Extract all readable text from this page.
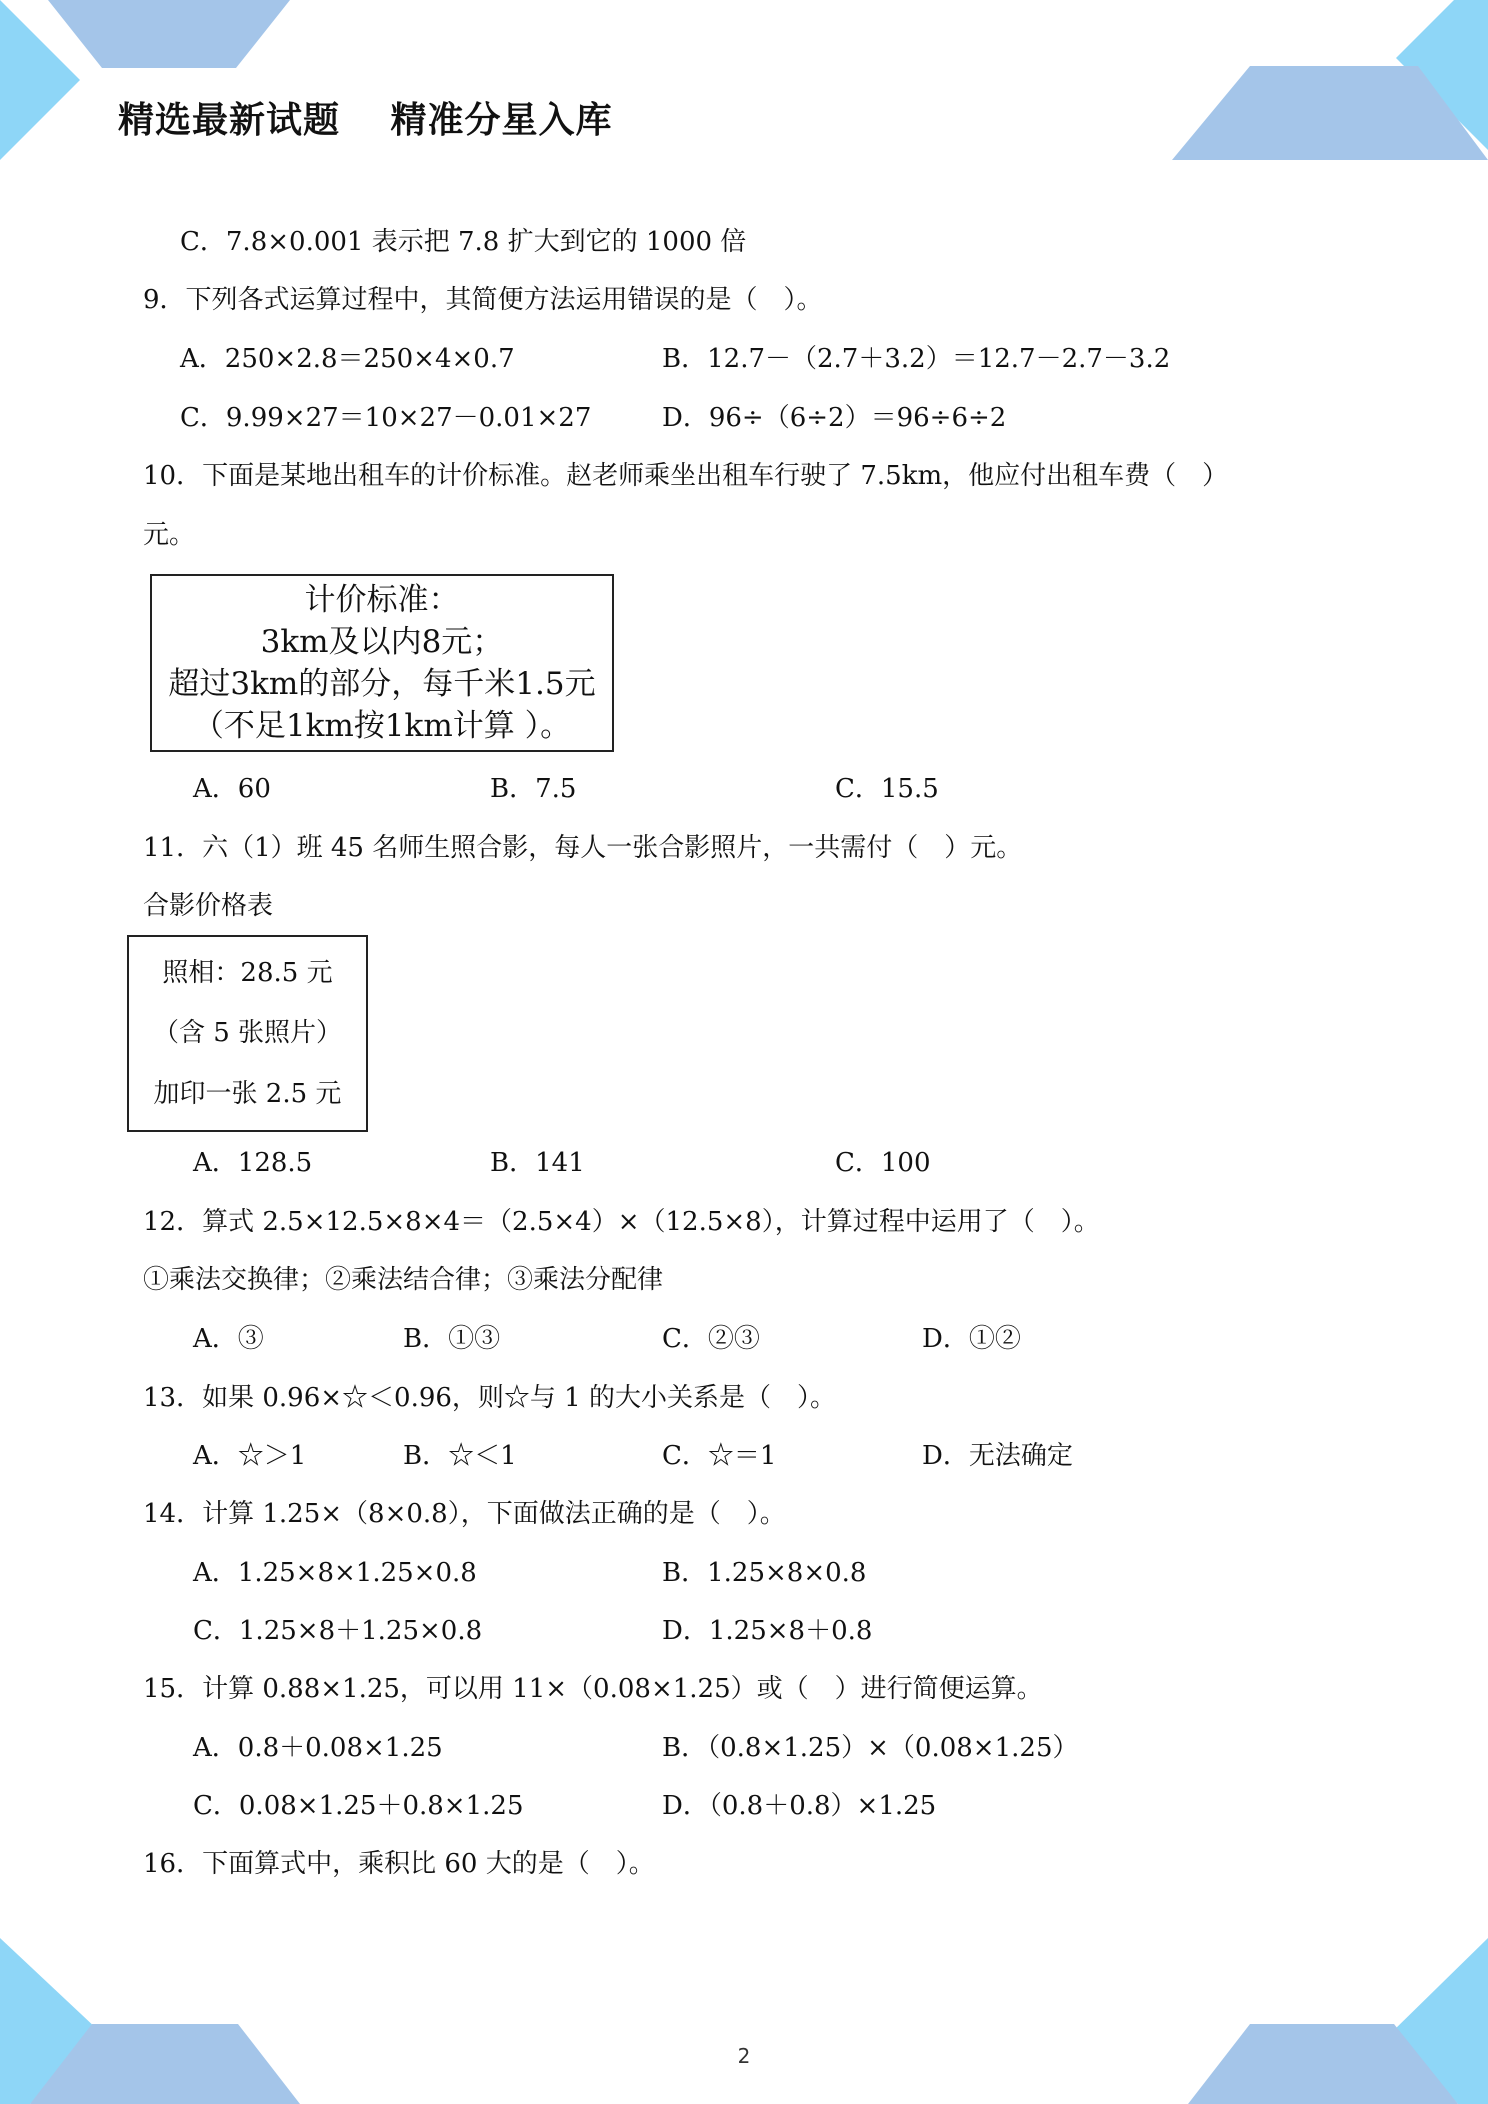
精选最新试题　 精准分星入库
C．7.8×0.001 表示把 7.8 扩大到它的 1000 倍
9．下列各式运算过程中，其简便方法运用错误的是（　）。
A．250×2.8＝250×4×0.7	B．12.7－（2.7＋3.2）＝12.7－2.7－3.2
C．9.99×27＝10×27－0.01×27	D．96÷（6÷2）＝96÷6÷2
10．下面是某地出租车的计价标准。赵老师乘坐出租车行驶了 7.5km，他应付出租车费（　）
元。
计价标准：
3km及以内8元；
超过3km的部分，每千米1.5元
（不足1km按1km计算 ）。
A．60	B．7.5	C．15.5
11．六（1）班 45 名师生照合影，每人一张合影照片，一共需付（　）元。
合影价格表
照相：28.5 元
（含 5 张照片）
加印一张 2.5 元
A．128.5	B．141	C．100
12．算式 2.5×12.5×8×4＝（2.5×4）×（12.5×8），计算过程中运用了（　）。
①乘法交换律；②乘法结合律；③乘法分配律
A．③	B．①③	C．②③	D．①②
13．如果 0.96×☆＜0.96，则☆与 1 的大小关系是（　）。
A．☆＞1	B．☆＜1	C．☆＝1	D．无法确定
14．计算 1.25×（8×0.8），下面做法正确的是（　）。
A．1.25×8×1.25×0.8	B．1.25×8×0.8
C．1.25×8＋1.25×0.8	D．1.25×8＋0.8
15．计算 0.88×1.25，可以用 11×（0.08×1.25）或（　）进行简便运算。
A．0.8＋0.08×1.25	B．（0.8×1.25）×（0.08×1.25）
C．0.08×1.25＋0.8×1.25	D．（0.8＋0.8）×1.25
16．下面算式中，乘积比 60 大的是（　）。
2
